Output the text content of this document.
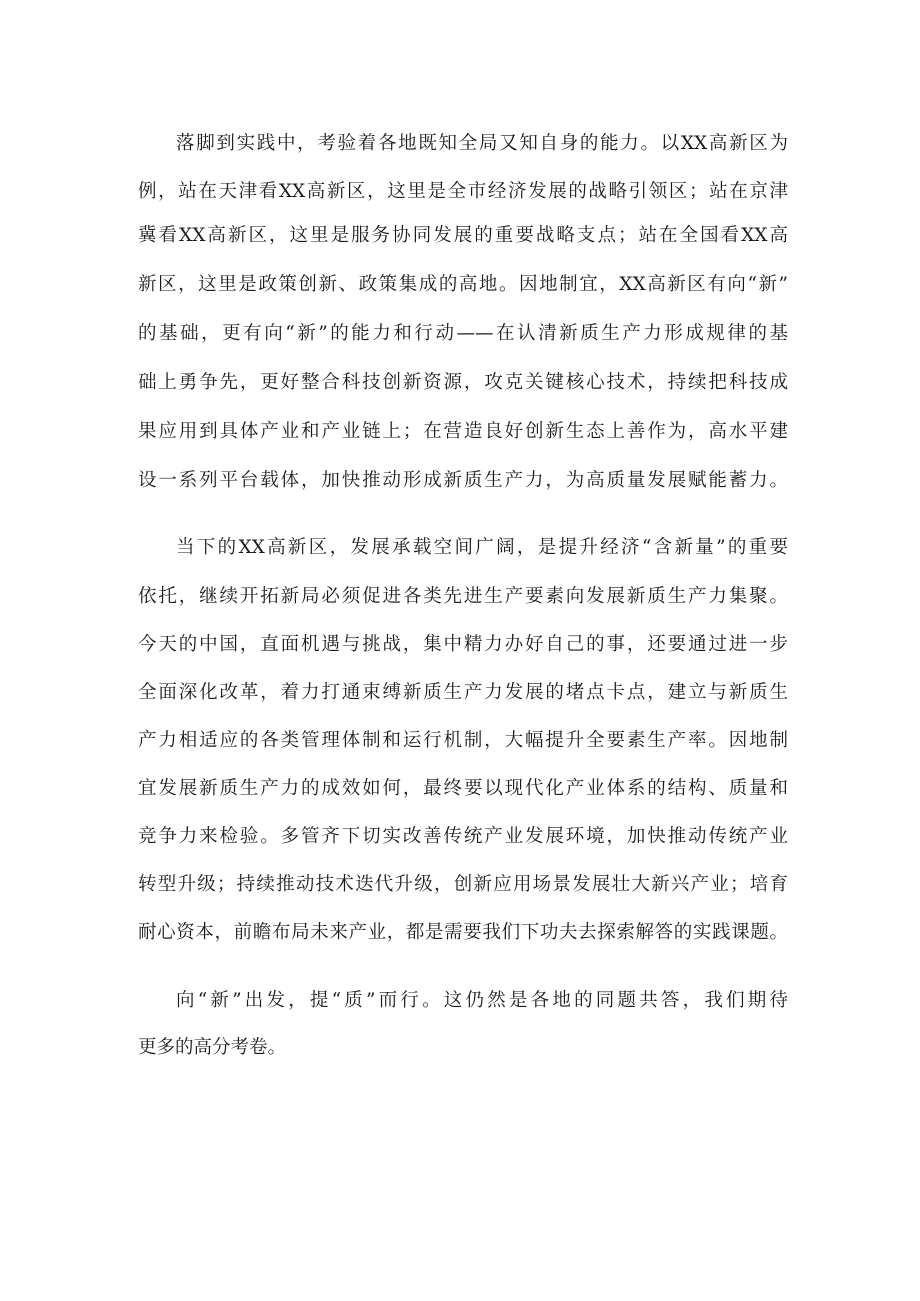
落脚到实践中，考验着各地既知全局又知自身的能力。以XX高新区为
例，站在天津看XX高新区，这里是全市经济发展的战略引领区；站在京津
冀看XX高新区，这里是服务协同发展的重要战略支点；站在全国看XX高
新区，这里是政策创新、政策集成的高地。因地制宜，XX高新区有向“新”
的基础，更有向“新”的能力和行动——在认清新质生产力形成规律的基
础上勇争先，更好整合科技创新资源，攻克关键核心技术，持续把科技成
果应用到具体产业和产业链上；在营造良好创新生态上善作为，高水平建
设一系列平台载体，加快推动形成新质生产力，为高质量发展赋能蓄力。
当下的XX高新区，发展承载空间广阔，是提升经济“含新量”的重要
依托，继续开拓新局必须促进各类先进生产要素向发展新质生产力集聚。
今天的中国，直面机遇与挑战，集中精力办好自己的事，还要通过进一步
全面深化改革，着力打通束缚新质生产力发展的堵点卡点，建立与新质生
产力相适应的各类管理体制和运行机制，大幅提升全要素生产率。因地制
宜发展新质生产力的成效如何，最终要以现代化产业体系的结构、质量和
竞争力来检验。多管齐下切实改善传统产业发展环境，加快推动传统产业
转型升级；持续推动技术迭代升级，创新应用场景发展壮大新兴产业；培育
耐心资本，前瞻布局未来产业，都是需要我们下功夫去探索解答的实践课题。
向“新”出发，提“质”而行。这仍然是各地的同题共答，我们期待
更多的高分考卷。
